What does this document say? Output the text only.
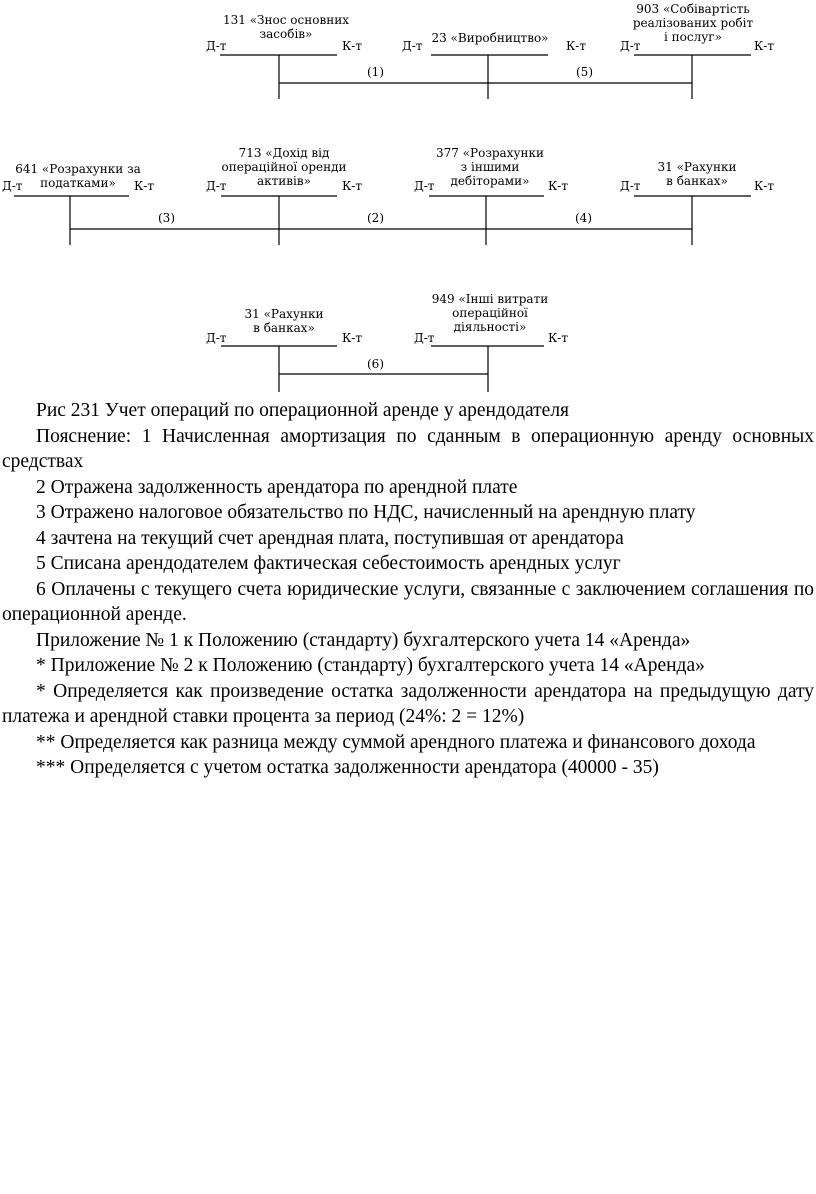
131 «Знос основних
засобів»
Д-т	К-т
23 «Виробництво»
Д-т	К-т
903 «Собівартість
реалізованих робіт
і послуг»
Д-т	К-т
(1)	(5)
641 «Розрахунки за
податками»
Д-т	К-т
713 «Дохід від
операційної оренди
активів»
Д-т	К-т
377 «Розрахунки
з іншими
дебіторами»
Д-т	К-т
31 «Рахунки
в банках»
Д-т	К-т
(3)	(2)	(4)
31 «Рахунки
в банках»
Д-т	К-т
949 «Інші витрати
операційної
діяльності»
Д-т	К-т
(6)

Рис 231 Учет операций по операционной аренде у арендодателя

Пояснение: 1 Начисленная амортизация по сданным в операционную аренду основных средствах

2 Отражена задолженность арендатора по арендной плате

3 Отражено налоговое обязательство по НДС, начисленный на арендную плату

4 зачтена на текущий счет арендная плата, поступившая от арендатора

5 Списана арендодателем фактическая себестоимость арендных услуг

6 Оплачены с текущего счета юридические услуги, связанные с заключением соглашения по операционной аренде.

Приложение № 1 к Положению (стандарту) бухгалтерского учета 14 «Аренда»

* Приложение № 2 к Положению (стандарту) бухгалтерского учета 14 «Аренда»

* Определяется как произведение остатка задолженности арендатора на предыдущую дату платежа и арендной ставки процента за период (24%: 2 = 12%)

** Определяется как разница между суммой арендного платежа и финансового дохода

*** Определяется с учетом остатка задолженности арендатора (40000 - 35)
